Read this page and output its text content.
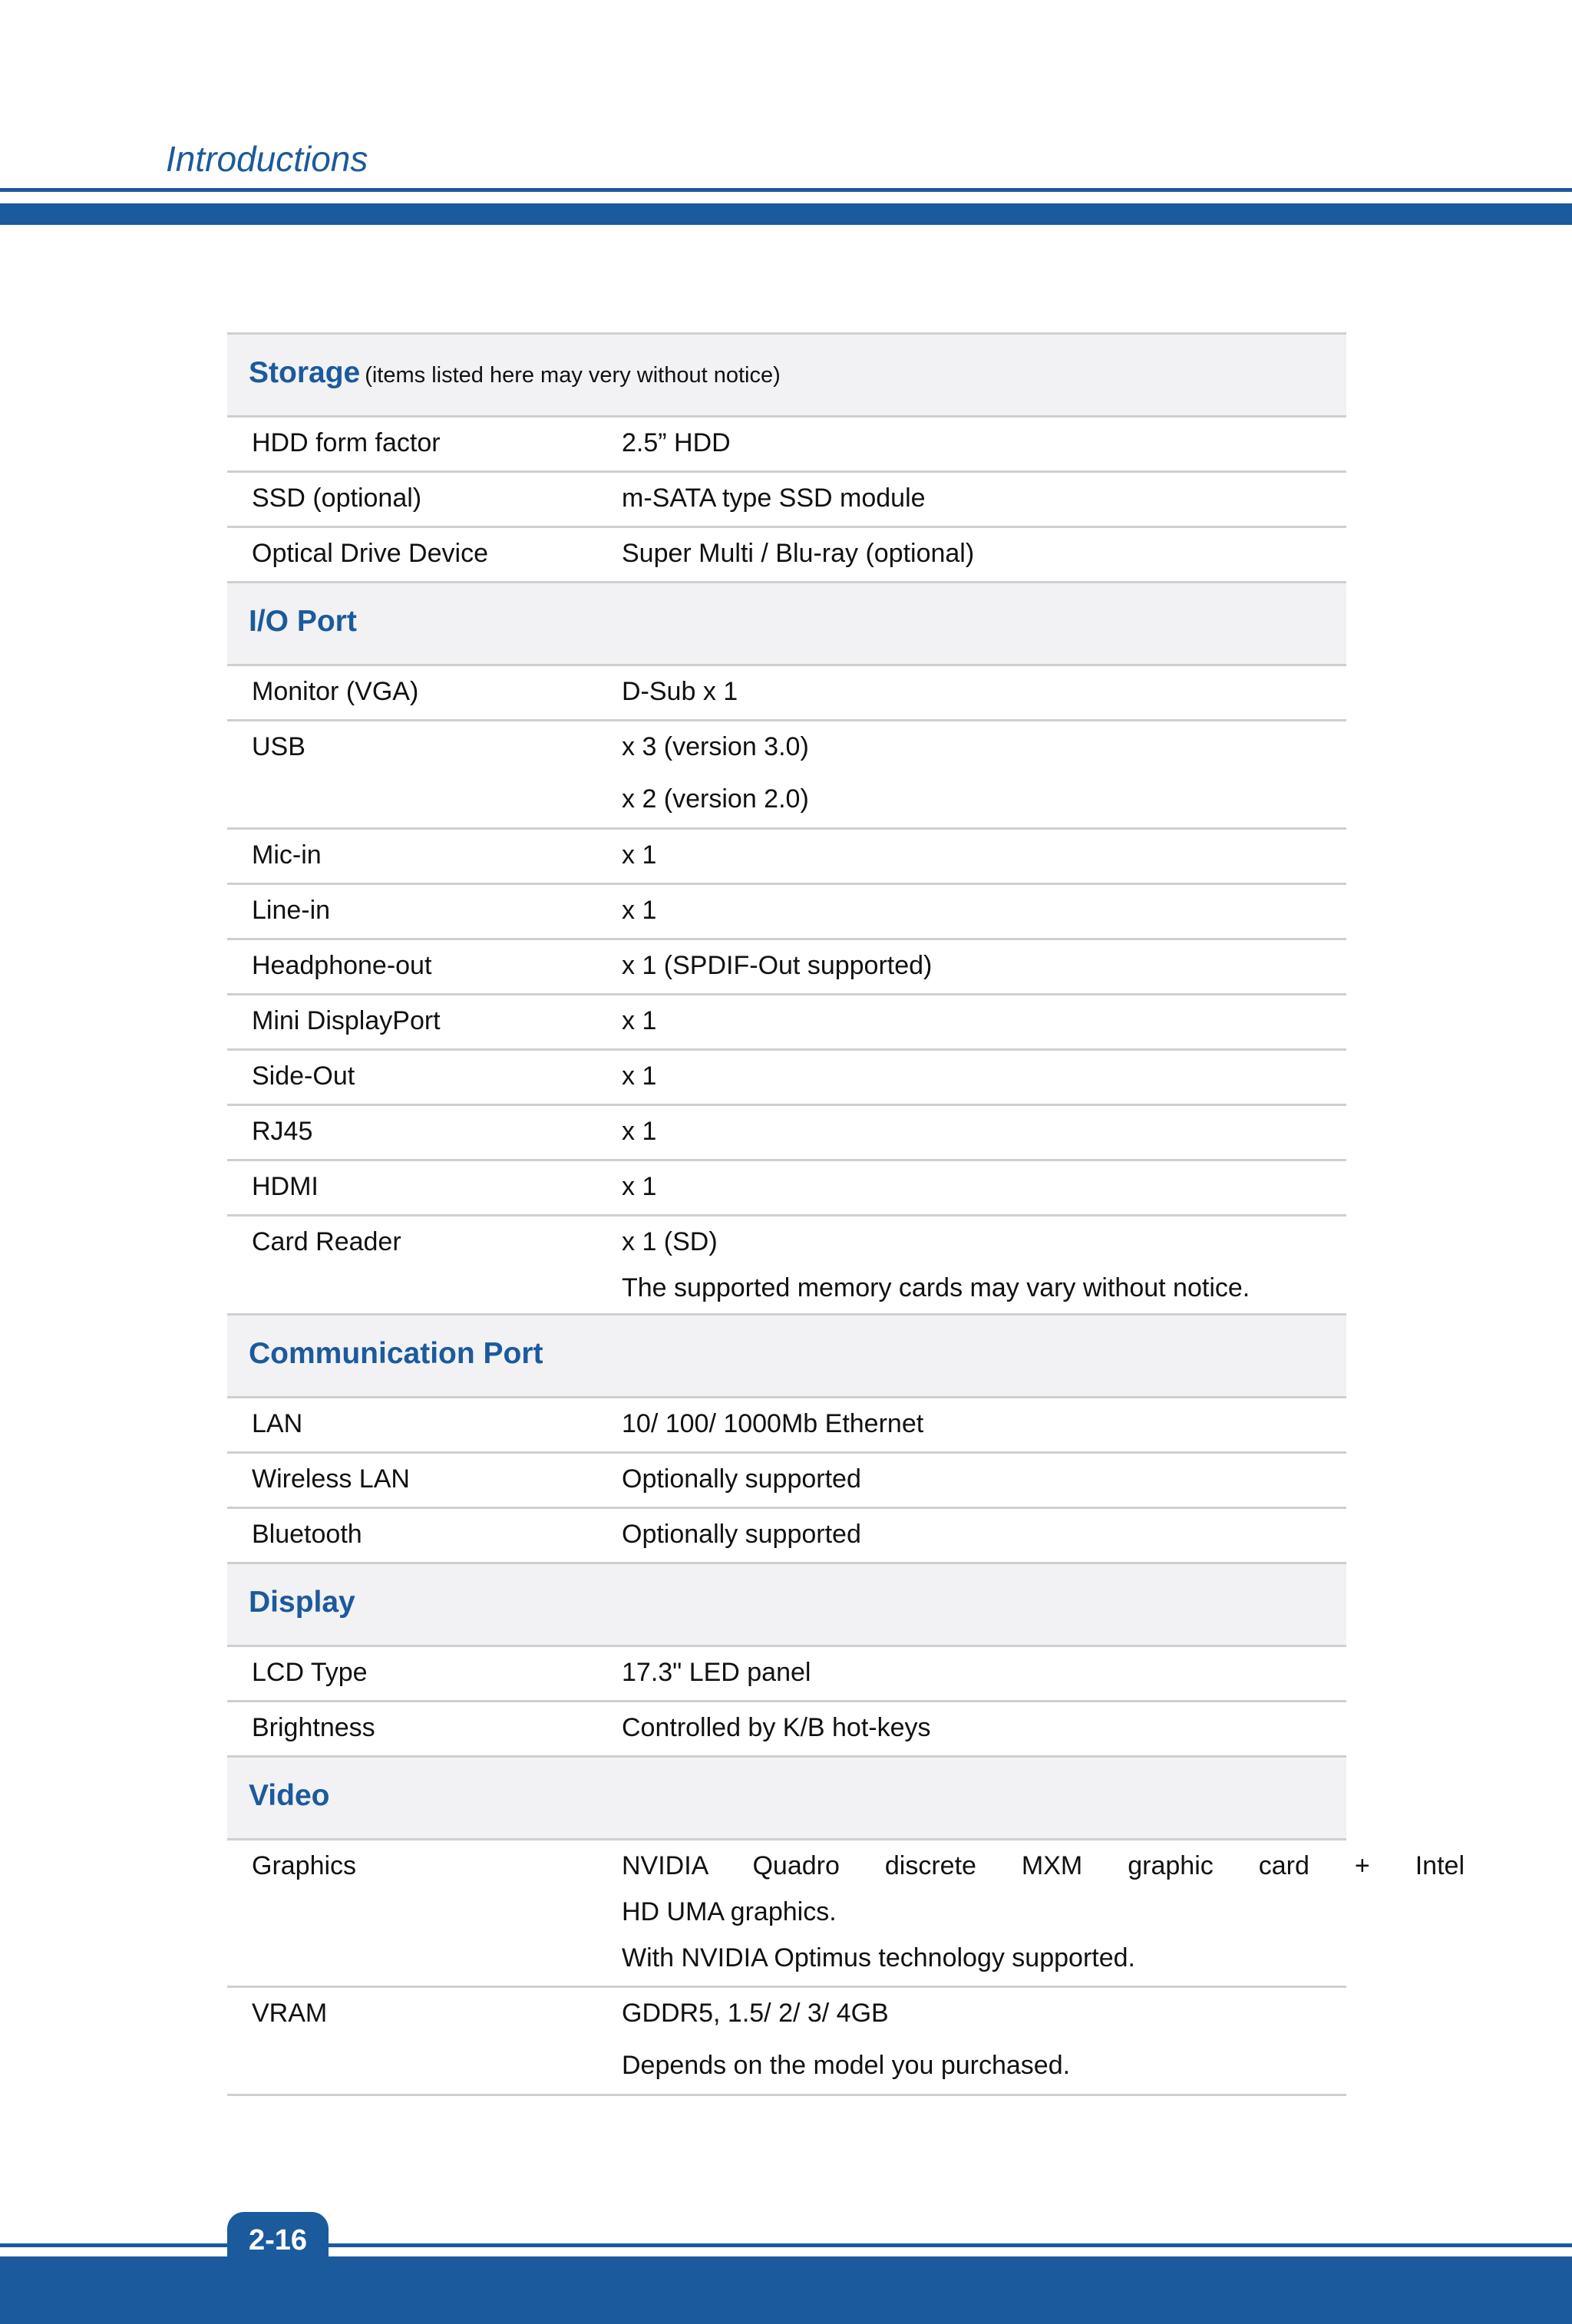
Introductions
Storage (items listed here may very without notice)
HDD form factor	2.5” HDD
SSD (optional)	m-SATA type SSD module
Optical Drive Device	Super Multi / Blu-ray (optional)
I/O Port
Monitor (VGA)	D-Sub x 1
USB	x 3 (version 3.0)
x 2 (version 2.0)
Mic-in	x 1
Line-in	x 1
Headphone-out	x 1 (SPDIF-Out supported)
Mini DisplayPort	x 1
Side-Out	x 1
RJ45	x 1
HDMI	x 1
Card Reader	x 1 (SD)
The supported memory cards may vary without notice.
Communication Port
LAN	10/ 100/ 1000Mb Ethernet
Wireless LAN	Optionally supported
Bluetooth	Optionally supported
Display
LCD Type	17.3" LED panel
Brightness	Controlled by K/B hot-keys
Video
Graphics	NVIDIA Quadro discrete MXM graphic card + Intel
HD UMA graphics.
With NVIDIA Optimus technology supported.
VRAM	GDDR5, 1.5/ 2/ 3/ 4GB
Depends on the model you purchased.
2-16
